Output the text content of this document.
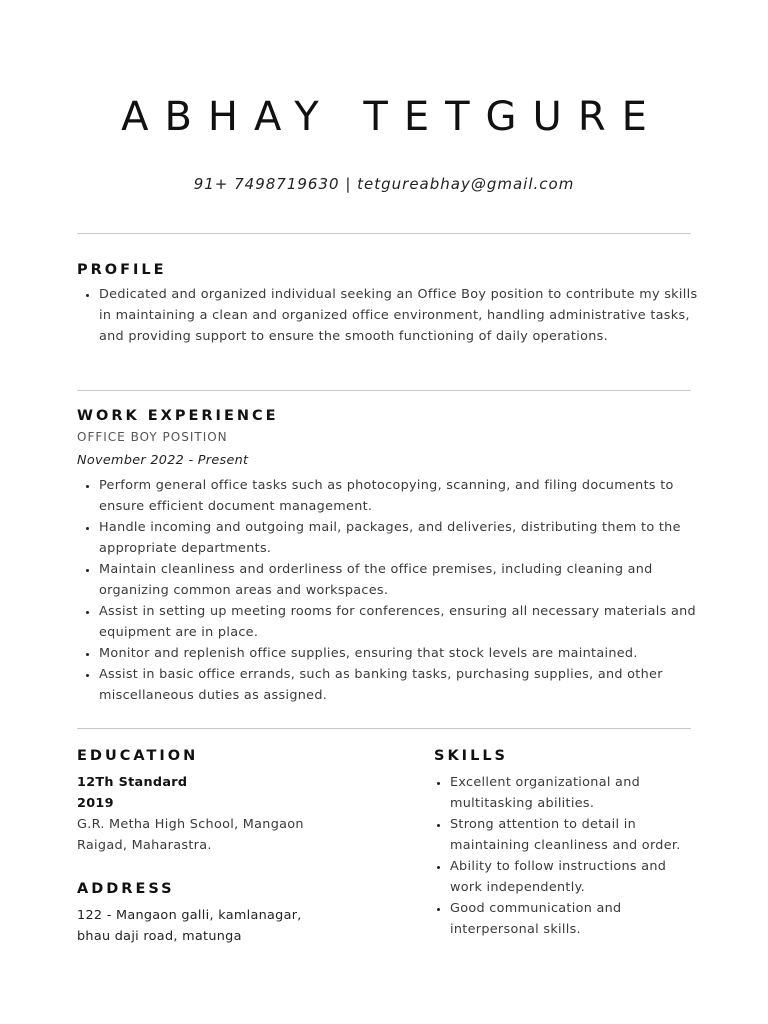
ABHAY TETGURE
91+ 7498719630 | tetgureabhay@gmail.com
PROFILE
• Dedicated and organized individual seeking an Office Boy position to contribute my skills in maintaining a clean and organized office environment, handling administrative tasks, and providing support to ensure the smooth functioning of daily operations.
WORK EXPERIENCE

OFFICE BOY POSITION

November 2022 - Present

• Perform general office tasks such as photocopying, scanning, and filing documents to ensure efficient document management.
• Handle incoming and outgoing mail, packages, and deliveries, distributing them to the appropriate departments.
• Maintain cleanliness and orderliness of the office premises, including cleaning and organizing common areas and workspaces.
• Assist in setting up meeting rooms for conferences, ensuring all necessary materials and equipment are in place.
• Monitor and replenish office supplies, ensuring that stock levels are maintained.
• Assist in basic office errands, such as banking tasks, purchasing supplies, and other miscellaneous duties as assigned.
EDUCATION

12Th Standard

2019

G.R. Metha High School, Mangaon

Raigad, Maharastra.

ADDRESS

122 - Mangaon galli, kamlanagar,

bhau daji road, matunga

SKILLS
• Excellent organizational and multitasking abilities.
• Strong attention to detail in maintaining cleanliness and order.
• Ability to follow instructions and work independently.
• Good communication and interpersonal skills.
